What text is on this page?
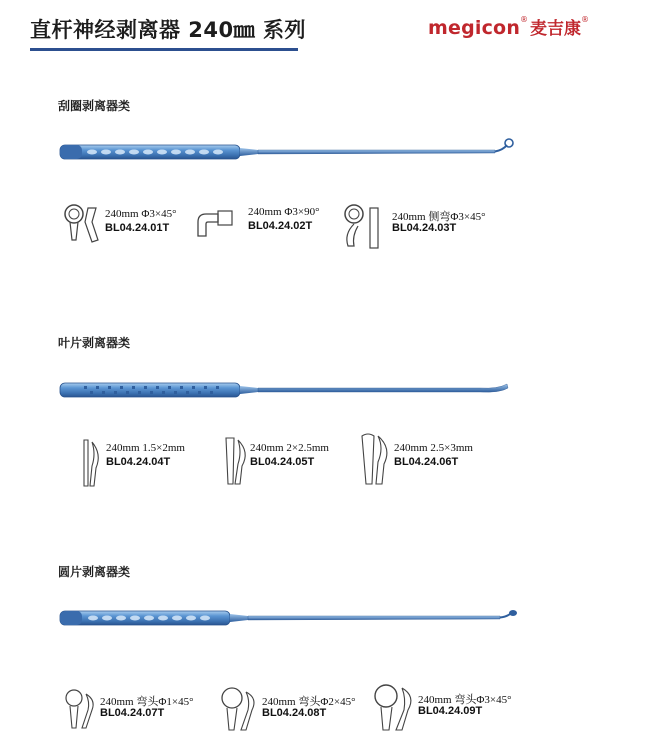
直杆神经剥离器 240㎜ 系列	megicon® 麦吉康®
刮圈剥离器类
240mm Φ3×45°
BL04.24.01T
240mm Φ3×90°
BL04.24.02T
240mm 侧弯Φ3×45°
BL04.24.03T
叶片剥离器类
240mm 1.5×2mm
BL04.24.04T
240mm 2×2.5mm
BL04.24.05T
240mm 2.5×3mm
BL04.24.06T
圆片剥离器类
240mm 弯头Φ1×45°
BL04.24.07T
240mm 弯头Φ2×45°
BL04.24.08T
240mm 弯头Φ3×45°
BL04.24.09T
